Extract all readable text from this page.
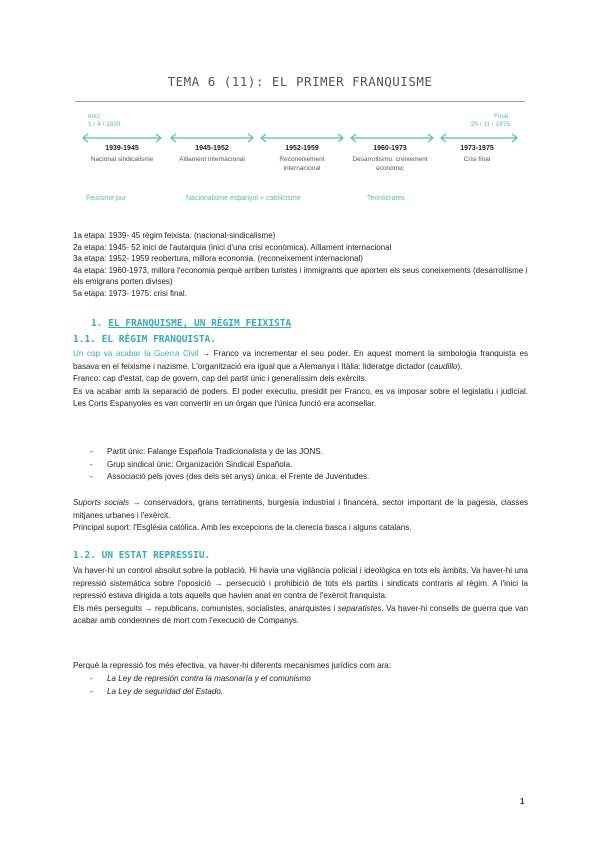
TEMA 6 (11): EL PRIMER FRANQUISME
Inici:
1 / 4 / 1939
Final:
20 / 11 / 1975
1939-1945
Nacional sindicalisme
1945-1952
Aïllament internacional
1952-1959
Reconeixement internacional
1960-1973
Desarrollismo: creixement econòmic
1973-1975
Crisi final
Feixisme pur	Nacionalisme espanyol + catolicisme	Tecnòcrates
1a etapa: 1939- 45 règim feixista. (nacional-sindicalisme)
2a etapa: 1945- 52 inici de l'autarquia (inici d'una crisi econòmica). Aïllament internacional
3a etapa: 1952- 1959 reobertura, millora economia. (reconeixement internacional)
4a etapa: 1960-1973, millora l'economia perquè arriben turistes i immigrants que aporten els seus coneixements (desarrollisme i els emigrans porten divises)
5a etapa: 1973- 1975: crisi final.
1. EL FRANQUISME, UN RÈGIM FEIXISTA
1.1. EL RÈGIM FRANQUISTA.

Un cop va acabar la Guerra Civil → Franco va incrementar el seu poder. En aquest moment la simbologia franquista es basava en el feixisme i nazisme. L'organització era igual que a Alemanya i Itàlia: lideratge dictador (caudillo).

Franco: cap d'estat, cap de govern, cap del partit únic i generalíssim dels exèrcits.

Es va acabar amb la separació de poders. El poder executiu, presidit per Franco, es va imposar sobre el legislatiu i judicial. Les Corts Espanyoles es van convertir en un òrgan que l'única funció era aconsellar.

- Partit únic: Falange Española Tradicionalista y de las JONS.
- Grup sindical únic: Organización Sindical Española.
- Associació pels joves (des dels set anys) única: el Frente de Juventudes.

Suports socials → conservadors, grans terratinents, burgesia industrial i financera, sector important de la pagesia, classes mitjanes urbanes i l'exèrcit.

Principal suport: l'Església catòlica. Amb les excepcions de la clerecia basca i alguns catalans.

1.2. UN ESTAT REPRESSIU.

Va haver-hi un control absolut sobre la població. Hi havia una vigilància policial i ideològica en tots els àmbits. Va haver-hi una repressió sistemàtica sobre l'oposició → persecució i prohibició de tots els partits i sindicats contraris al règim. A l'inici la repressió estava dirigida a tots aquells que havien anat en contra de l'exèrcit franquista.

Els més perseguits → republicans, comunistes, socialistes, anarquistes i separatistes. Va haver-hi consells de guerra que van acabar amb condemnes de mort com l'execució de Companys.

Perquè la repressió fos més efectiva, va haver-hi diferents mecanismes jurídics com ara:
- La Ley de represión contra la masonaría y el comunismo
- La Ley de seguridad del Estado.
1
